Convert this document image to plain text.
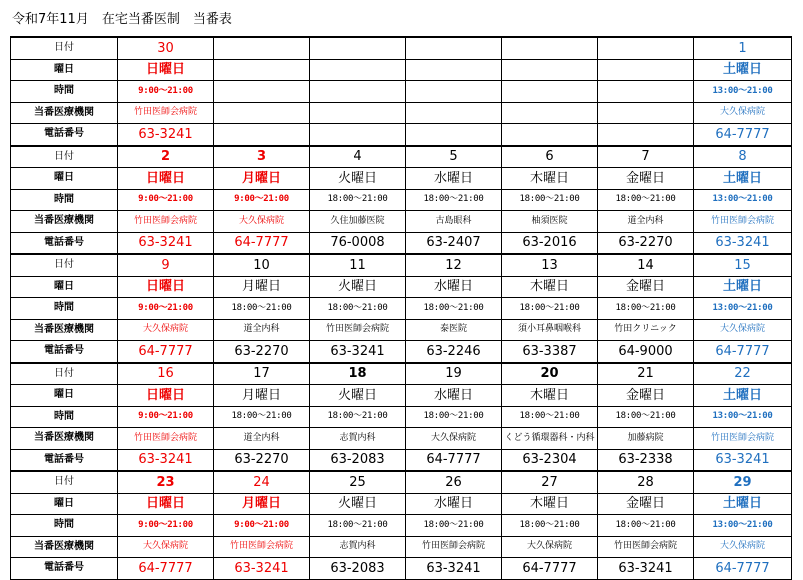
令和7年11月　在宅当番医制　当番表
日付	30						1
曜日	日曜日						土曜日
時間	9:00～21:00						13:00～21:00
当番医療機関	竹田医師会病院						大久保病院
電話番号	63-3241						64-7777
日付	2	3	4	5	6	7	8
曜日	日曜日	月曜日	火曜日	水曜日	木曜日	金曜日	土曜日
時間	9:00～21:00	9:00～21:00	18:00～21:00	18:00～21:00	18:00～21:00	18:00～21:00	13:00～21:00
当番医療機関	竹田医師会病院	大久保病院	久住加藤医院	古島眼科	柚須医院	道全内科	竹田医師会病院
電話番号	63-3241	64-7777	76-0008	63-2407	63-2016	63-2270	63-3241
日付	9	10	11	12	13	14	15
曜日	日曜日	月曜日	火曜日	水曜日	木曜日	金曜日	土曜日
時間	9:00～21:00	18:00～21:00	18:00～21:00	18:00～21:00	18:00～21:00	18:00～21:00	13:00～21:00
当番医療機関	大久保病院	道全内科	竹田医師会病院	泰医院	須小耳鼻咽喉科	竹田クリニック	大久保病院
電話番号	64-7777	63-2270	63-3241	63-2246	63-3387	64-9000	64-7777
日付	16	17	18	19	20	21	22
曜日	日曜日	月曜日	火曜日	水曜日	木曜日	金曜日	土曜日
時間	9:00～21:00	18:00～21:00	18:00～21:00	18:00～21:00	18:00～21:00	18:00～21:00	13:00～21:00
当番医療機関	竹田医師会病院	道全内科	志賀内科	大久保病院	くどう循環器科・内科	加藤病院	竹田医師会病院
電話番号	63-3241	63-2270	63-2083	64-7777	63-2304	63-2338	63-3241
日付	23	24	25	26	27	28	29
曜日	日曜日	月曜日	火曜日	水曜日	木曜日	金曜日	土曜日
時間	9:00～21:00	9:00～21:00	18:00～21:00	18:00～21:00	18:00～21:00	18:00～21:00	13:00～21:00
当番医療機関	大久保病院	竹田医師会病院	志賀内科	竹田医師会病院	大久保病院	竹田医師会病院	大久保病院
電話番号	64-7777	63-3241	63-2083	63-3241	64-7777	63-3241	64-7777
